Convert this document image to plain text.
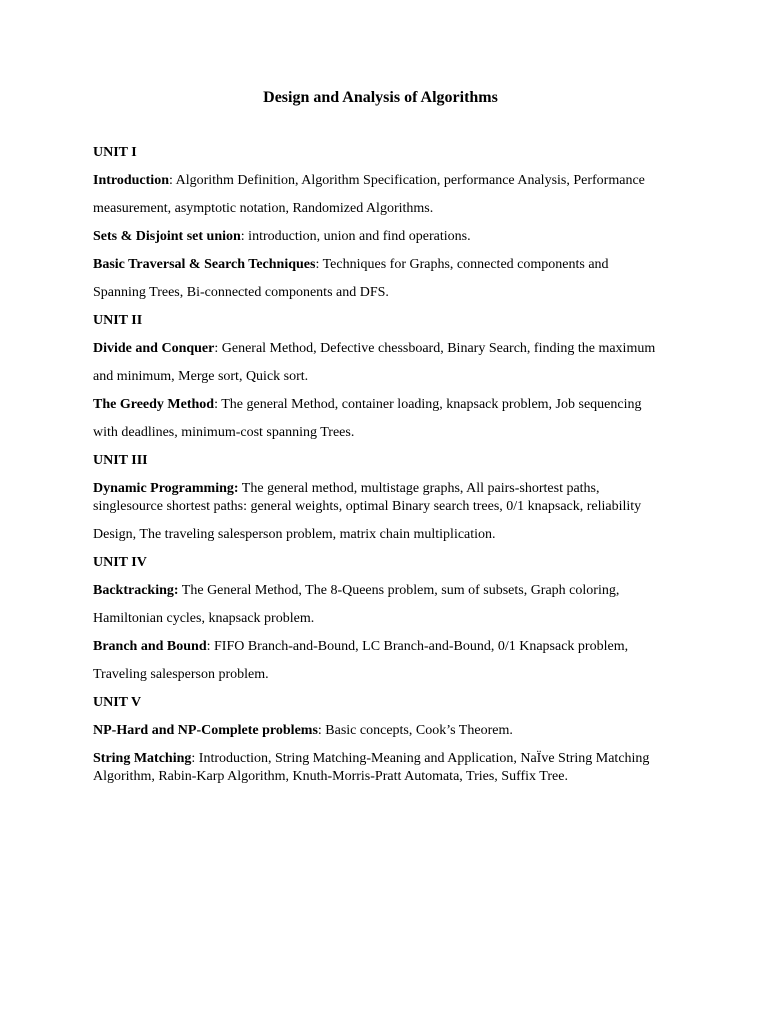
Design and Analysis of Algorithms
UNIT I

Introduction: Algorithm Definition, Algorithm Specification, performance Analysis, Performance

measurement, asymptotic notation, Randomized Algorithms.

Sets & Disjoint set union: introduction, union and find operations.

Basic Traversal & Search Techniques: Techniques for Graphs, connected components and

Spanning Trees, Bi-connected components and DFS.

UNIT II

Divide and Conquer: General Method, Defective chessboard, Binary Search, finding the maximum

and minimum, Merge sort, Quick sort.

The Greedy Method: The general Method, container loading, knapsack problem, Job sequencing

with deadlines, minimum-cost spanning Trees.

UNIT III

Dynamic Programming: The general method, multistage graphs, All pairs-shortest paths, singlesource shortest paths: general weights, optimal Binary search trees, 0/1 knapsack, reliability

Design, The traveling salesperson problem, matrix chain multiplication.

UNIT IV

Backtracking: The General Method, The 8-Queens problem, sum of subsets, Graph coloring,

Hamiltonian cycles, knapsack problem.

Branch and Bound: FIFO Branch-and-Bound, LC Branch-and-Bound, 0/1 Knapsack problem,

Traveling salesperson problem.

UNIT V

NP-Hard and NP-Complete problems: Basic concepts, Cook’s Theorem.

String Matching: Introduction, String Matching-Meaning and Application, NaÏve String Matching Algorithm, Rabin-Karp Algorithm, Knuth-Morris-Pratt Automata, Tries, Suffix Tree.
